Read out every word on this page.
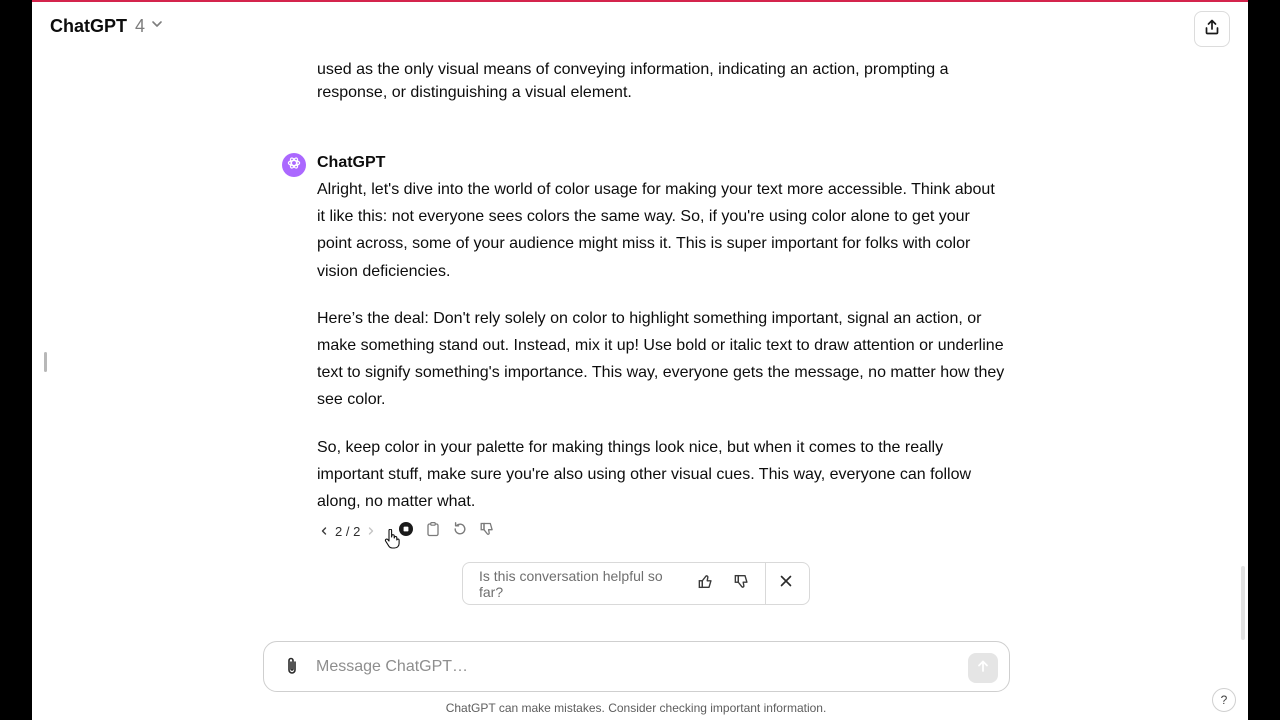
ChatGPT 4
used as the only visual means of conveying information, indicating an action, prompting a response, or distinguishing a visual element.
ChatGPT

Alright, let's dive into the world of color usage for making your text more accessible. Think about it like this: not everyone sees colors the same way. So, if you're using color alone to get your point across, some of your audience might miss it. This is super important for folks with color vision deficiencies.

Here’s the deal: Don't rely solely on color to highlight something important, signal an action, or make something stand out. Instead, mix it up! Use bold or italic text to draw attention or underline text to signify something's importance. This way, everyone gets the message, no matter how they see color.

So, keep color in your palette for making things look nice, but when it comes to the really important stuff, make sure you're also using other visual cues. This way, everyone can follow along, no matter what.

2 / 2
Is this conversation helpful so far?
Message ChatGPT…
ChatGPT can make mistakes. Consider checking important information.
?
